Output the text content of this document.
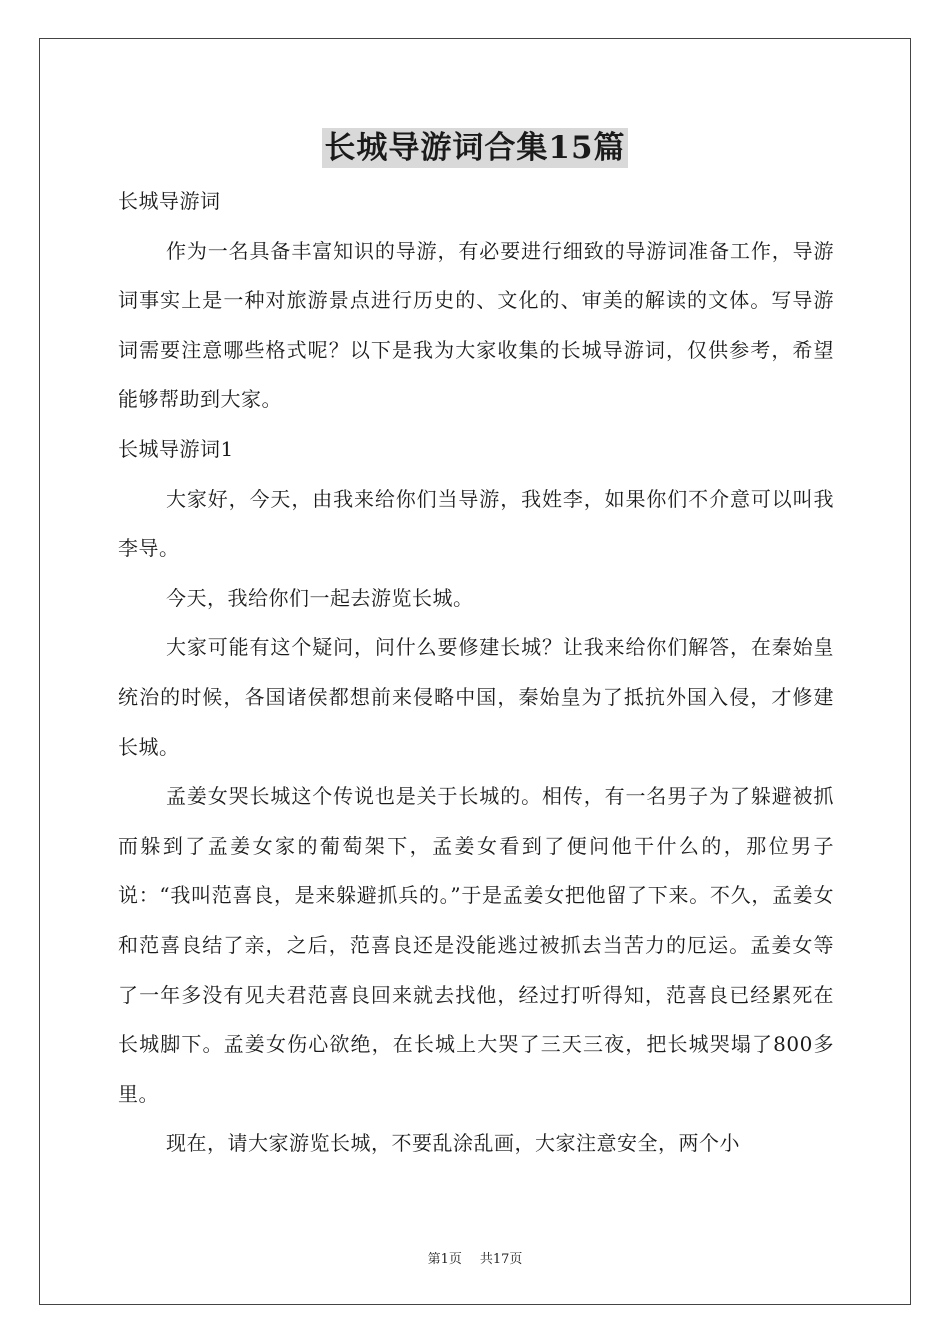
长城导游词合集15篇

长城导游词

作为一名具备丰富知识的导游，有必要进行细致的导游词准备工作，导游词事实上是一种对旅游景点进行历史的、文化的、审美的解读的文体。写导游词需要注意哪些格式呢？以下是我为大家收集的长城导游词，仅供参考，希望能够帮助到大家。

长城导游词1

大家好，今天，由我来给你们当导游，我姓李，如果你们不介意可以叫我李导。

今天，我给你们一起去游览长城。

大家可能有这个疑问，问什么要修建长城？让我来给你们解答，在秦始皇统治的时候，各国诸侯都想前来侵略中国，秦始皇为了抵抗外国入侵，才修建长城。

孟姜女哭长城这个传说也是关于长城的。相传，有一名男子为了躲避被抓而躲到了孟姜女家的葡萄架下，孟姜女看到了便问他干什么的，那位男子说：“我叫范喜良，是来躲避抓兵的。”于是孟姜女把他留了下来。不久，孟姜女和范喜良结了亲，之后，范喜良还是没能逃过被抓去当苦力的厄运。孟姜女等了一年多没有见夫君范喜良回来就去找他，经过打听得知，范喜良已经累死在长城脚下。孟姜女伤心欲绝，在长城上大哭了三天三夜，把长城哭塌了800多里。

现在，请大家游览长城，不要乱涂乱画，大家注意安全，两个小

第1页 共17页
